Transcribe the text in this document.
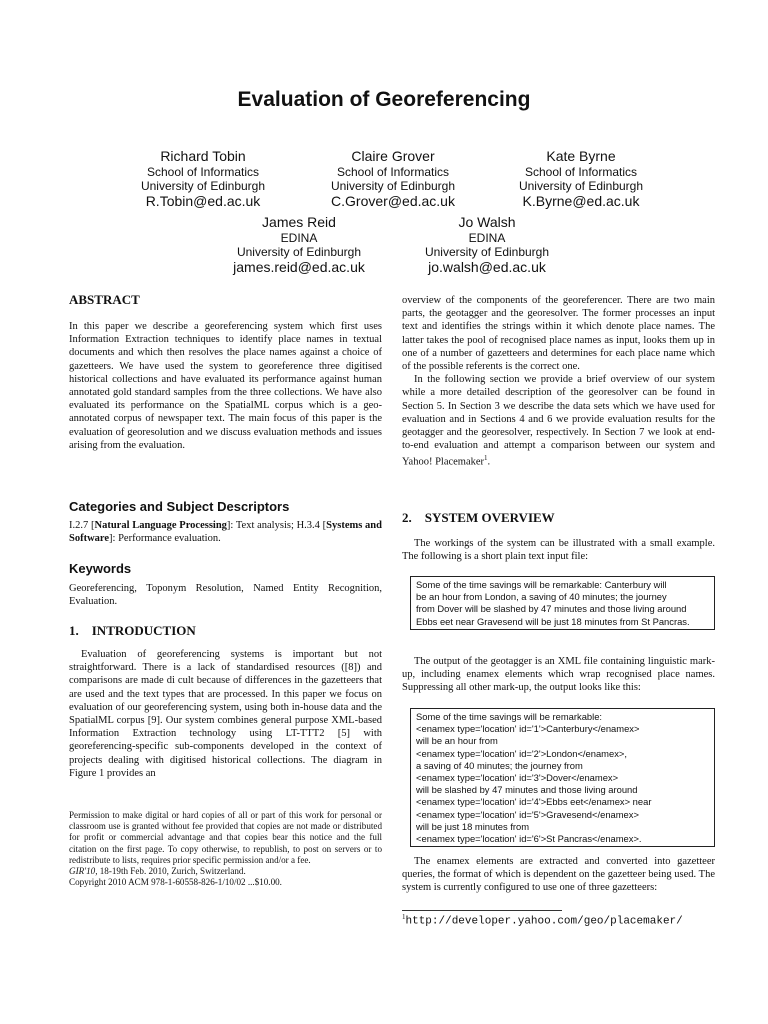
Evaluation of Georeferencing
Richard Tobin
School of Informatics
University of Edinburgh
R.Tobin@ed.ac.uk
Claire Grover
School of Informatics
University of Edinburgh
C.Grover@ed.ac.uk
Kate Byrne
School of Informatics
University of Edinburgh
K.Byrne@ed.ac.uk
James Reid
EDINA
University of Edinburgh
james.reid@ed.ac.uk
Jo Walsh
EDINA
University of Edinburgh
jo.walsh@ed.ac.uk
ABSTRACT

In this paper we describe a georeferencing system which first uses Information Extraction techniques to identify place names in textual documents and which then resolves the place names against a choice of gazetteers. We have used the system to georeference three digitised historical collections and have evaluated its performance against human annotated gold standard samples from the three collections. We have also evaluated its performance on the SpatialML corpus which is a geo-annotated corpus of newspaper text. The main focus of this paper is the evaluation of georesolution and we discuss evaluation methods and issues arising from the evaluation.

Categories and Subject Descriptors

I.2.7 [Natural Language Processing]: Text analysis; H.3.4 [Systems and Software]: Performance evaluation.

Keywords

Georeferencing, Toponym Resolution, Named Entity Recognition, Evaluation.

1.    INTRODUCTION

Evaluation of georeferencing systems is important but not straightforward. There is a lack of standardised resources ([8]) and comparisons are made di cult because of differences in the gazetteers that are used and the text types that are processed. In this paper we focus on evaluation of our georeferencing system, using both in-house data and the SpatialML corpus [9]. Our system combines general purpose XML-based Information Extraction technology using LT-TTT2 [5] with georeferencing-specific sub-components developed in the context of projects dealing with digitised historical collections. The diagram in Figure 1 provides an

Permission to make digital or hard copies of all or part of this work for personal or classroom use is granted without fee provided that copies are not made or distributed for profit or commercial advantage and that copies bear this notice and the full citation on the first page. To copy otherwise, to republish, to post on servers or to redistribute to lists, requires prior specific permission and/or a fee.
GIR'10, 18-19th Feb. 2010, Zurich, Switzerland.
Copyright 2010 ACM 978-1-60558-826-1/10/02 ...$10.00.

overview of the components of the georeferencer. There are two main parts, the geotagger and the georesolver. The former processes an input text and identifies the strings within it which denote place names. The latter takes the pool of recognised place names as input, looks them up in one of a number of gazetteers and determines for each place name which of the possible referents is the correct one.

In the following section we provide a brief overview of our system while a more detailed description of the georesolver can be found in Section 5. In Section 3 we describe the data sets which we have used for evaluation and in Sections 4 and 6 we provide evaluation results for the geotagger and the georesolver, respectively. In Section 7 we look at end-to-end evaluation and attempt a comparison between our system and Yahoo! Placemaker$^1$.

2.    SYSTEM OVERVIEW

The workings of the system can be illustrated with a small example. The following is a short plain text input file:

Some of the time savings will be remarkable: Canterbury will
be an hour from London, a saving of 40 minutes; the journey
from Dover will be slashed by 47 minutes and those living around
Ebbs eet near Gravesend will be just 18 minutes from St Pancras.

The output of the geotagger is an XML file containing linguistic mark-up, including enamex elements which wrap recognised place names. Suppressing all other mark-up, the output looks like this:

Some of the time savings will be remarkable:
<enamex type='location' id='1'>Canterbury</enamex>
will be an hour from
<enamex type='location' id='2'>London</enamex>,
a saving of 40 minutes; the journey from
<enamex type='location' id='3'>Dover</enamex>
will be slashed by 47 minutes and those living around
<enamex type='location' id='4'>Ebbs eet</enamex> near
<enamex type='location' id='5'>Gravesend</enamex>
will be just 18 minutes from
<enamex type='location' id='6'>St Pancras</enamex>.

The enamex elements are extracted and converted into gazetteer queries, the format of which is dependent on the gazetteer being used. The system is currently configured to use one of three gazetteers:

$^1$http://developer.yahoo.com/geo/placemaker/
